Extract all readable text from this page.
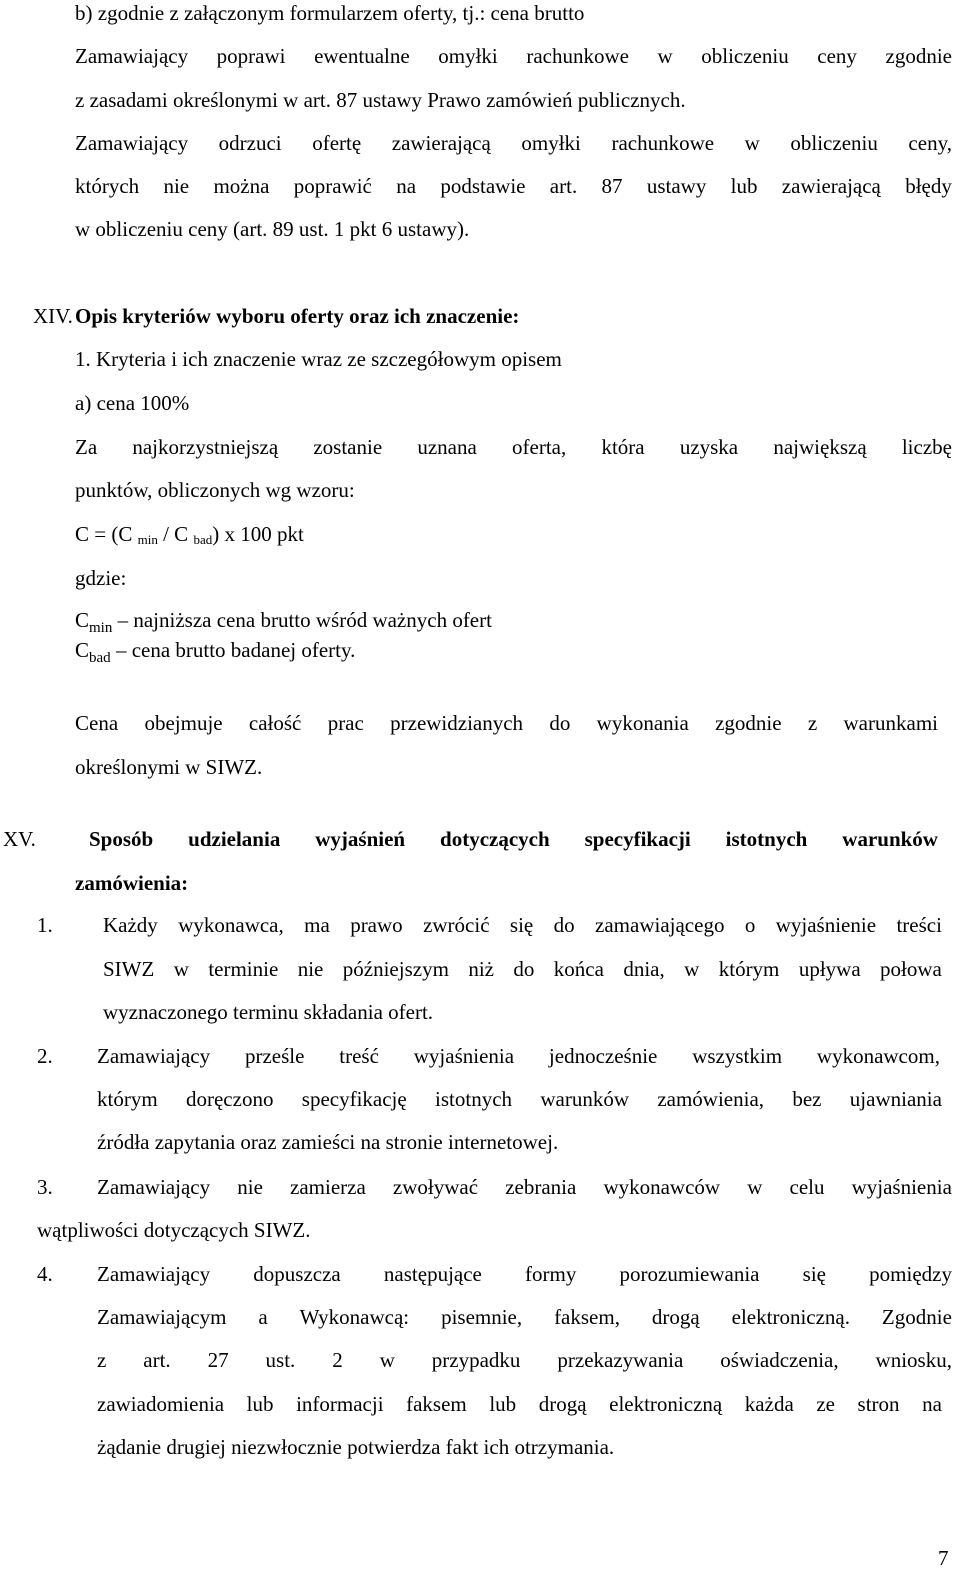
b) zgodnie z załączonym formularzem oferty, tj.: cena brutto
Zamawiający poprawi ewentualne omyłki rachunkowe w obliczeniu ceny zgodnie
z zasadami określonymi w art. 87 ustawy Prawo zamówień publicznych.
Zamawiający odrzuci ofertę zawierającą omyłki rachunkowe w obliczeniu ceny,
których nie można poprawić na podstawie art. 87 ustawy lub zawierającą błędy
w obliczeniu ceny (art. 89 ust. 1 pkt 6 ustawy).
XIV. Opis kryteriów wyboru oferty oraz ich znaczenie:
1. Kryteria i ich znaczenie wraz ze szczegółowym opisem
a) cena 100%
Za najkorzystniejszą zostanie uznana oferta, która uzyska największą liczbę
punktów, obliczonych wg wzoru:
C = (C $_{min}$ / C $_{bad}$) x 100 pkt
gdzie:
$C_{min}$ – najniższa cena brutto wśród ważnych ofert
$C_{bad}$ – cena brutto badanej oferty.
Cena obejmuje całość prac przewidzianych do wykonania zgodnie z warunkami
określonymi w SIWZ.
XV.	Sposób udzielania wyjaśnień dotyczących specyfikacji istotnych warunków
zamówienia:
1. Każdy wykonawca, ma prawo zwrócić się do zamawiającego o wyjaśnienie treści
SIWZ w terminie nie późniejszym niż do końca dnia, w którym upływa połowa
wyznaczonego terminu składania ofert.
2. Zamawiający prześle treść wyjaśnienia jednocześnie wszystkim wykonawcom,
którym doręczono specyfikację istotnych warunków zamówienia, bez ujawniania
źródła zapytania oraz zamieści na stronie internetowej.
3. Zamawiający nie zamierza zwoływać zebrania wykonawców w celu wyjaśnienia
wątpliwości dotyczących SIWZ.
4. Zamawiający dopuszcza następujące formy porozumiewania się pomiędzy
Zamawiającym a Wykonawcą: pisemnie, faksem, drogą elektroniczną. Zgodnie
z art. 27 ust. 2 w przypadku przekazywania oświadczenia, wniosku,
zawiadomienia lub informacji faksem lub drogą elektroniczną każda ze stron na
żądanie drugiej niezwłocznie potwierdza fakt ich otrzymania.
7
